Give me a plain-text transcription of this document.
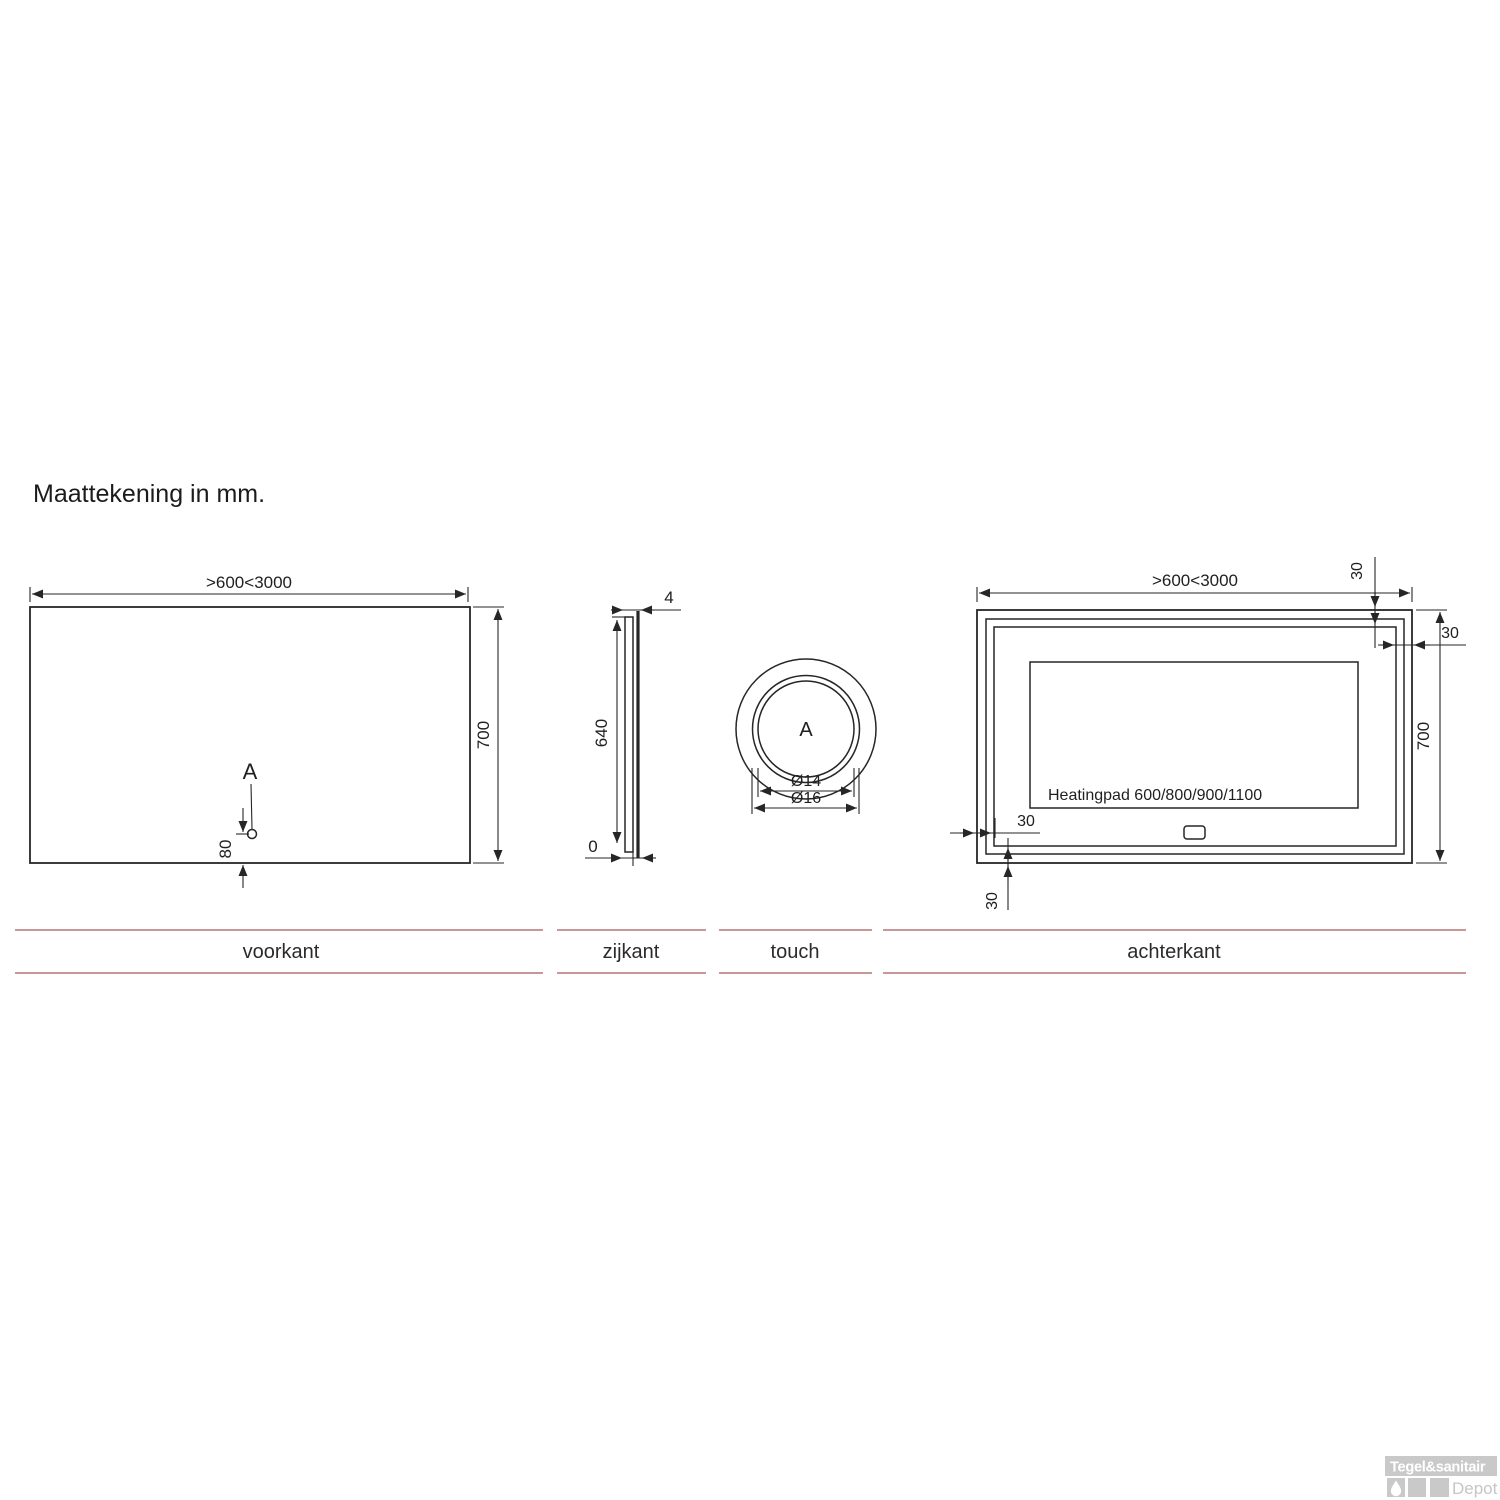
Maattekening in mm.
>600<3000
700
A
80
4
640
0
A
Ø14
Ø16	Heatingpad 600/800/900/1100
>600<3000
700
30
30
30
30
voorkant	zijkant	touch	achterkant
Tegel&sanitair
Depot
